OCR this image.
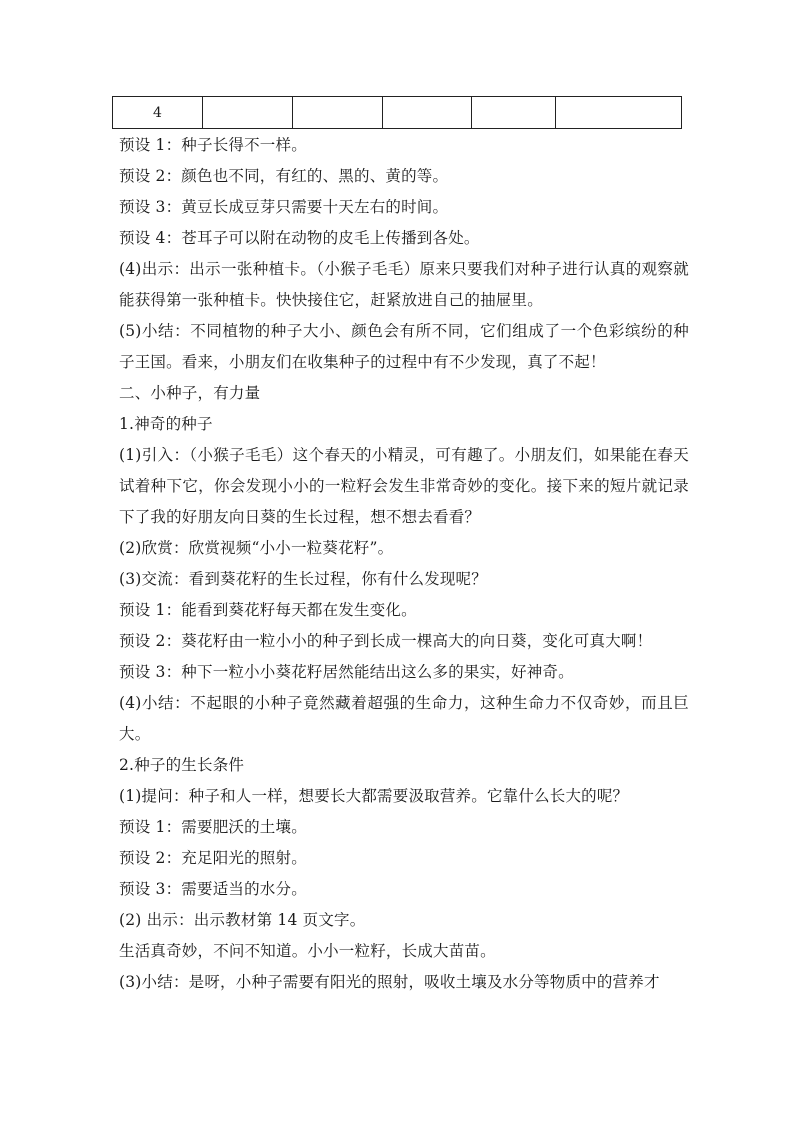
4					

预设 1：种子长得不一样。

预设 2：颜色也不同，有红的、黑的、黄的等。

预设 3：黄豆长成豆芽只需要十天左右的时间。

预设 4：苍耳子可以附在动物的皮毛上传播到各处。

(4)出示：出示一张种植卡。（小猴子毛毛）原来只要我们对种子进行认真的观察就能获得第一张种植卡。快快接住它，赶紧放进自己的抽屉里。

(5)小结：不同植物的种子大小、颜色会有所不同，它们组成了一个色彩缤纷的种子王国。看来，小朋友们在收集种子的过程中有不少发现，真了不起！

二、小种子，有力量

1.神奇的种子

(1)引入：（小猴子毛毛）这个春天的小精灵，可有趣了。小朋友们，如果能在春天试着种下它，你会发现小小的一粒籽会发生非常奇妙的变化。接下来的短片就记录下了我的好朋友向日葵的生长过程，想不想去看看？

(2)欣赏：欣赏视频“小小一粒葵花籽”。

(3)交流：看到葵花籽的生长过程，你有什么发现呢？

预设 1：能看到葵花籽每天都在发生变化。

预设 2：葵花籽由一粒小小的种子到长成一棵高大的向日葵，变化可真大啊！

预设 3：种下一粒小小葵花籽居然能结出这么多的果实，好神奇。

(4)小结：不起眼的小种子竟然藏着超强的生命力，这种生命力不仅奇妙，而且巨大。

2.种子的生长条件

(1)提问：种子和人一样，想要长大都需要汲取营养。它靠什么长大的呢？

预设 1：需要肥沃的土壤。

预设 2：充足阳光的照射。

预设 3：需要适当的水分。

(2) 出示：出示教材第 14 页文字。

生活真奇妙，不问不知道。小小一粒籽，长成大苗苗。

(3)小结：是呀，小种子需要有阳光的照射，吸收土壤及水分等物质中的营养才
